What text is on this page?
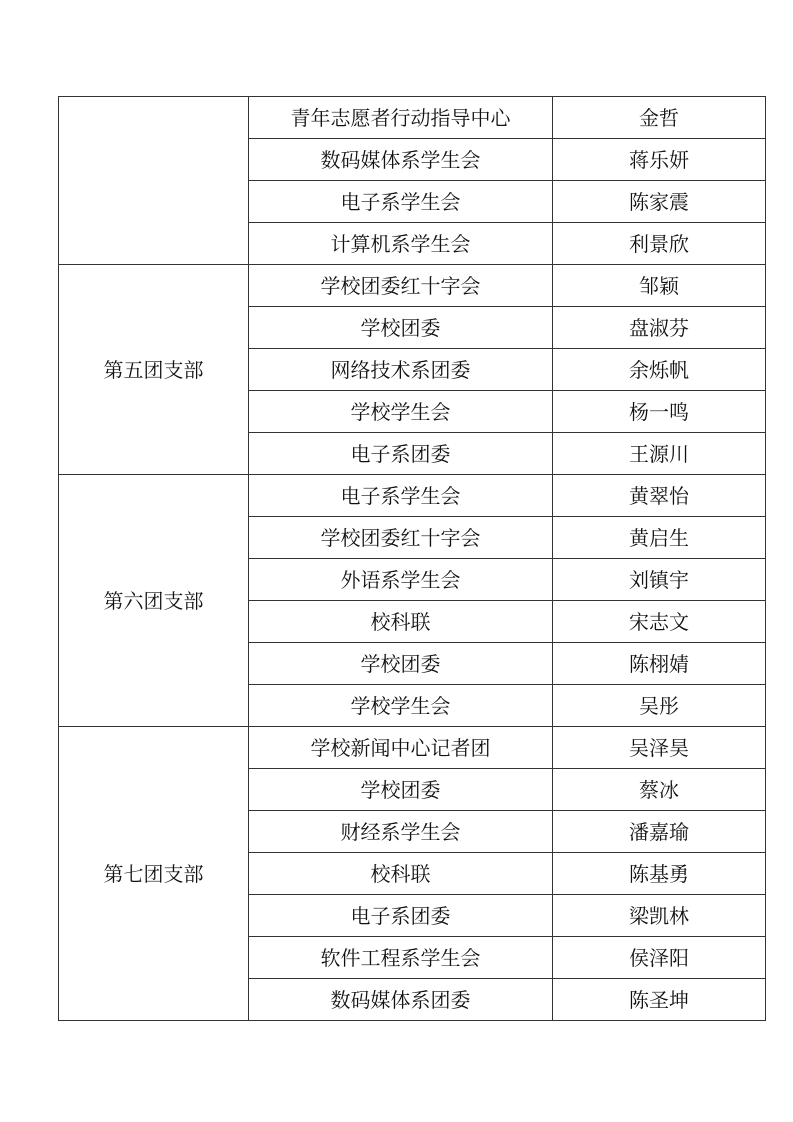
	青年志愿者行动指导中心	金哲
	数码媒体系学生会	蒋乐妍
	电子系学生会	陈家震
	计算机系学生会	利景欣
第五团支部	学校团委红十字会	邹颖
	学校团委	盘淑芬
	网络技术系团委	余烁帆
	学校学生会	杨一鸣
	电子系团委	王源川
第六团支部	电子系学生会	黄翠怡
	学校团委红十字会	黄启生
	外语系学生会	刘镇宇
	校科联	宋志文
	学校团委	陈栩婧
	学校学生会	吴彤
第七团支部	学校新闻中心记者团	吴泽昊
	学校团委	蔡冰
	财经系学生会	潘嘉瑜
	校科联	陈基勇
	电子系团委	梁凯林
	软件工程系学生会	侯泽阳
	数码媒体系团委	陈圣坤
